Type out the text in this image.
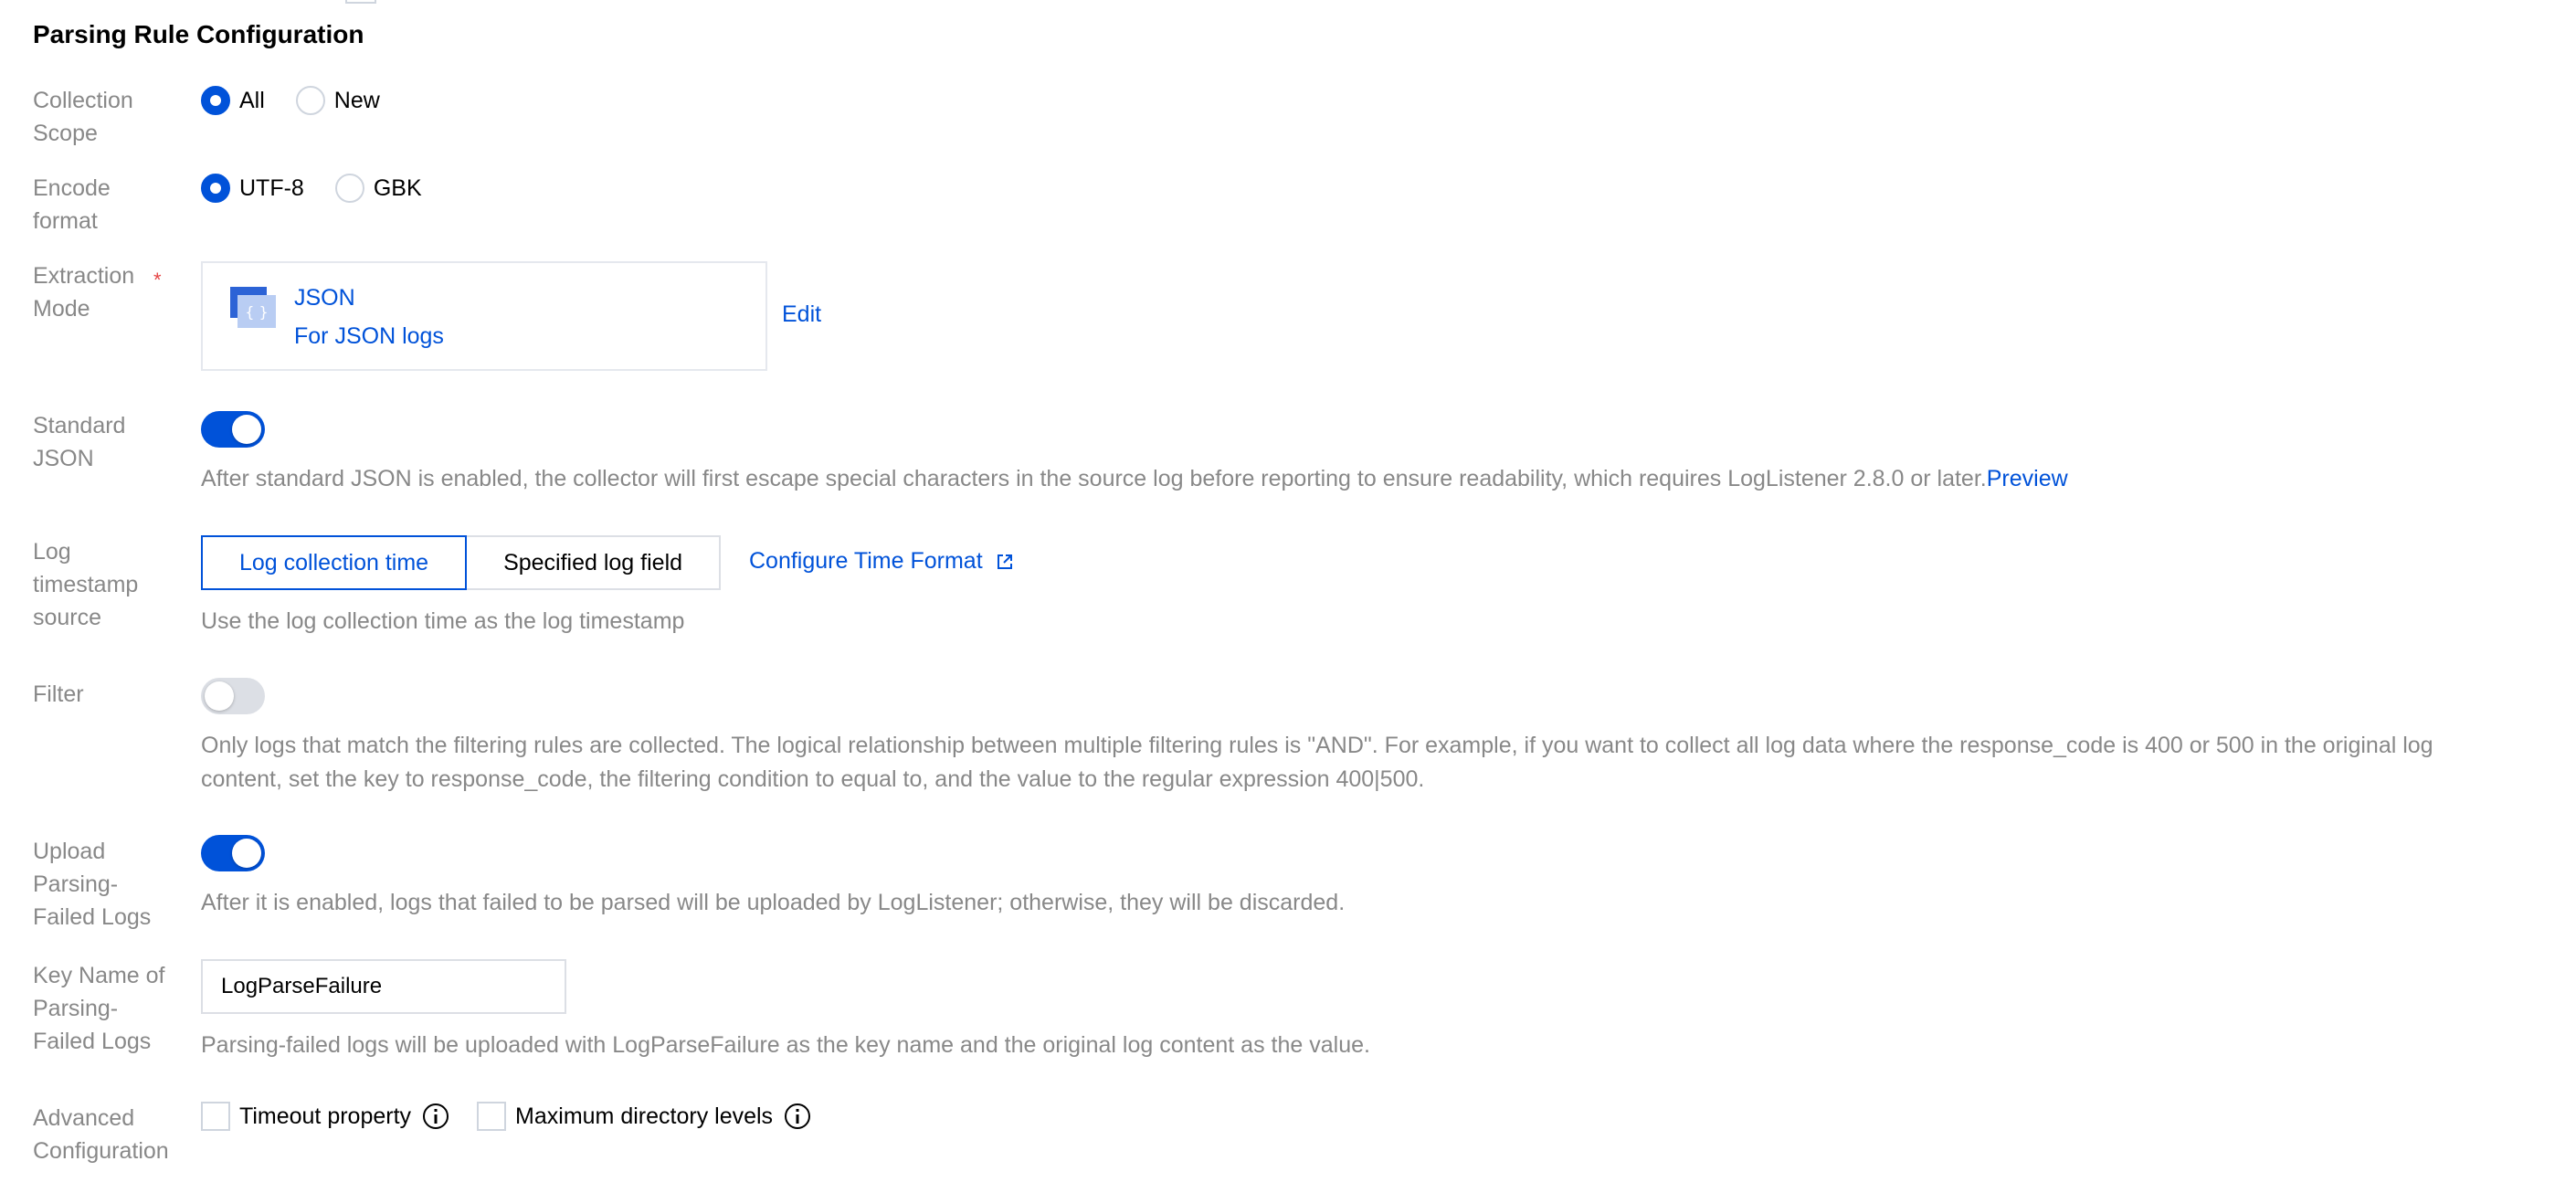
Parsing Rule Configuration
Collection Scope
All	New
Encode format
UTF-8	GBK
Extraction Mode
*
{ }
JSON
For JSON logs
Edit
Standard JSON
After standard JSON is enabled, the collector will first escape special characters in the source log before reporting to ensure readability, which requires LogListener 2.8.0 or later.Preview
Log timestamp source
Log collection time	Specified log field	Configure Time Format
Use the log collection time as the log timestamp
Filter
Only logs that match the filtering rules are collected. The logical relationship between multiple filtering rules is "AND". For example, if you want to collect all log data where the response_code is 400 or 500 in the original log content, set the key to response_code, the filtering condition to equal to, and the value to the regular expression 400|500.
Upload Parsing-Failed Logs
After it is enabled, logs that failed to be parsed will be uploaded by LogListener; otherwise, they will be discarded.
Key Name of Parsing-Failed Logs
LogParseFailure	Parsing-failed logs will be uploaded with LogParseFailure as the key name and the original log content as the value.
Advanced Configuration
Timeout property	Maximum directory levels
